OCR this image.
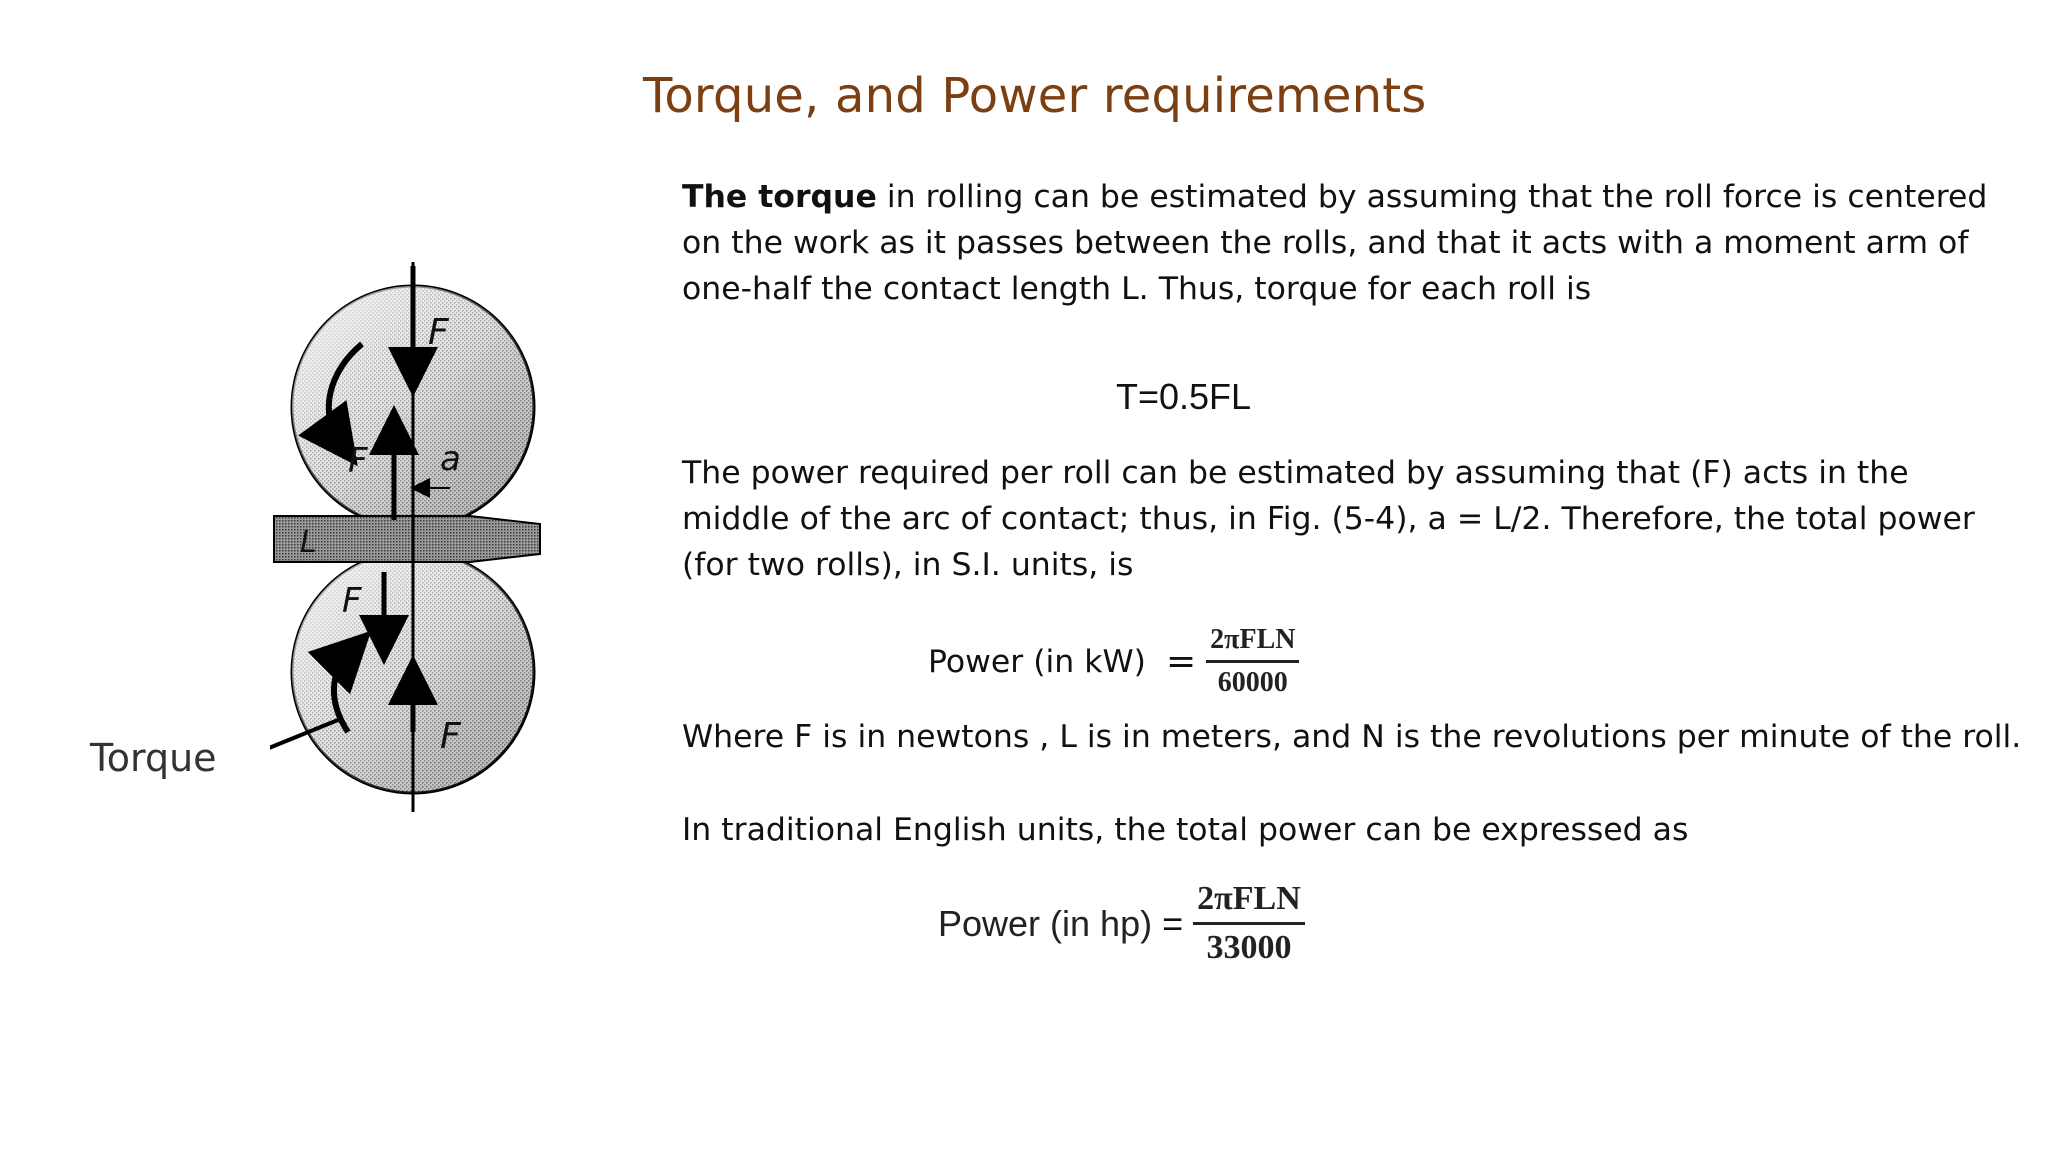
Torque, and Power requirements
The torque in rolling can be estimated by assuming that the roll force is centered on the work as it passes between the rolls, and that it acts with a moment arm of one-half the contact length L. Thus, torque for each roll is
T=0.5FL
The power required per roll can be estimated by assuming that (F) acts in the middle of the arc of contact; thus, in Fig. (5-4), a = L/2. Therefore, the total power (for two rolls), in S.I. units, is
Power (in $kW) = \frac{\text{2πFLN}}{60000}$
Where F is in newtons , L is in meters, and N is the revolutions per minute of the roll.
In traditional English units, the total power can be expressed as
Power (in $hp) = \frac{\text{2πFLN}}{33000}$
F
F a
L
F
F
Torque
